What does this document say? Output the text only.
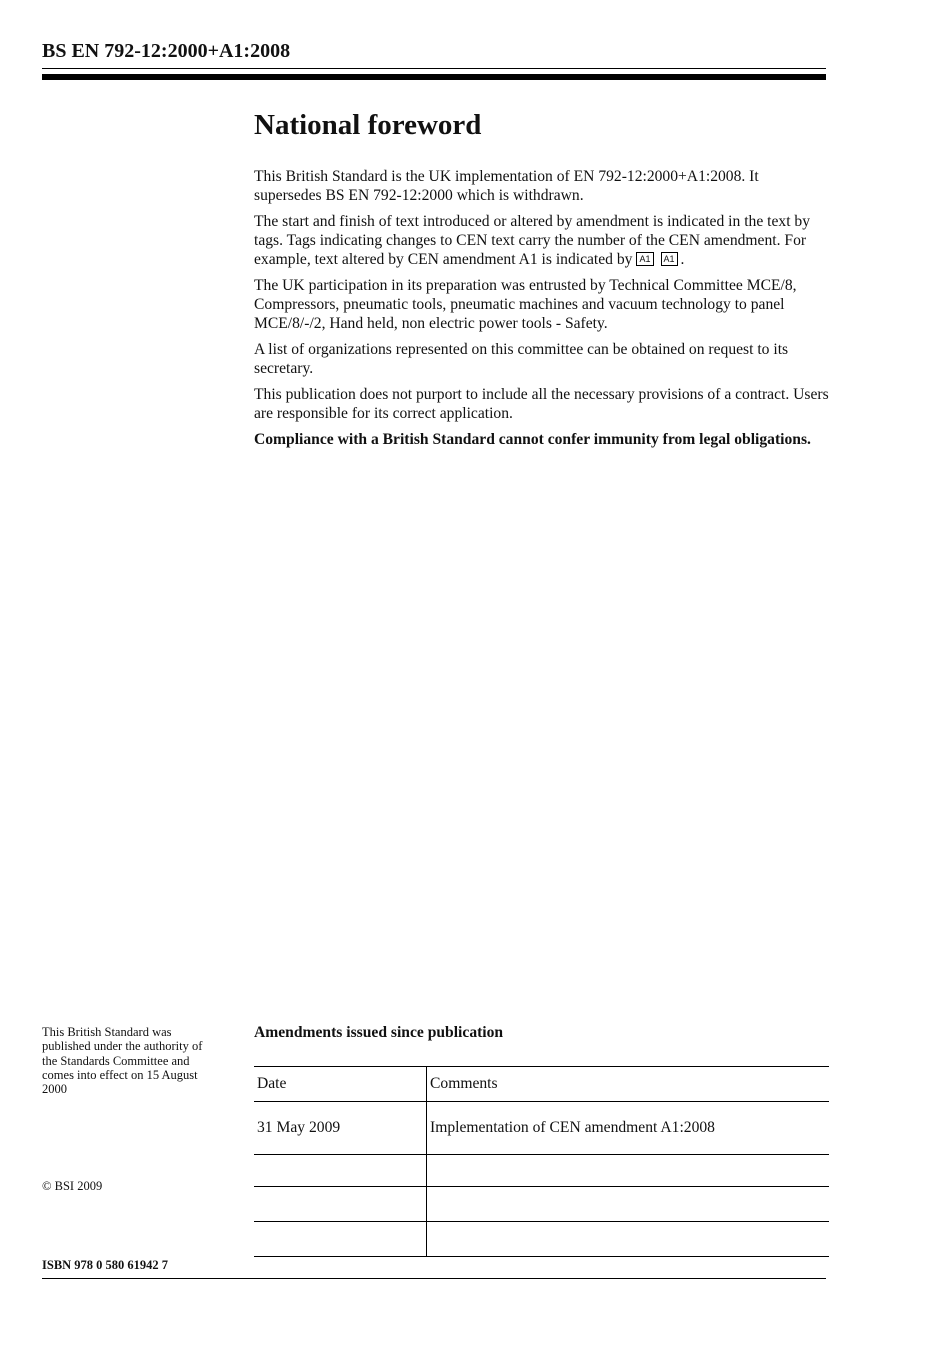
BS EN 792-12:2000+A1:2008
National foreword

This British Standard is the UK implementation of EN 792-12:2000+A1:2008. It supersedes BS EN 792-12:2000 which is withdrawn.

The start and finish of text introduced or altered by amendment is indicated in the text by tags. Tags indicating changes to CEN text carry the number of the CEN amendment. For example, text altered by CEN amendment A1 is indicated by A1 A1 .

The UK participation in its preparation was entrusted by Technical Committee MCE/8, Compressors, pneumatic tools, pneumatic machines and vacuum technology to panel MCE/8/-/2, Hand held, non electric power tools - Safety.

A list of organizations represented on this committee can be obtained on request to its secretary.

This publication does not purport to include all the necessary provisions of a contract. Users are responsible for its correct application.

Compliance with a British Standard cannot confer immunity from legal obligations.

This British Standard was published under the authority of the Standards Committee and comes into effect on 15 August 2000
© BSI 2009
ISBN 978 0 580 61942 7
Amendments issued since publication
Date	Comments
31 May 2009	Implementation of CEN amendment A1:2008
